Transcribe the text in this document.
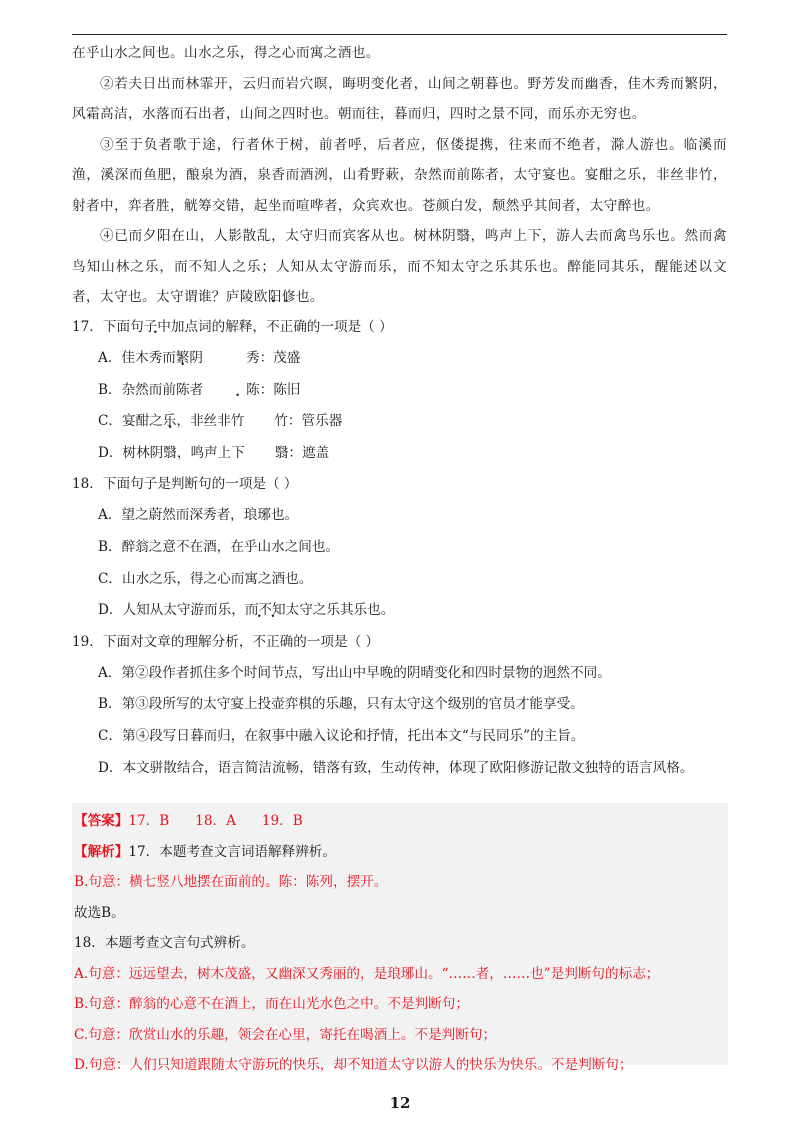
在乎山水之间也。山水之乐，得之心而寓之酒也。

②若夫日出而林霏开，云归而岩穴暝，晦明变化者，山间之朝暮也。野芳发而幽香，佳木秀而繁阴，风霜高洁，水落而石出者，山间之四时也。朝而往，暮而归，四时之景不同，而乐亦无穷也。

③至于负者歌于途，行者休于树，前者呼，后者应，伛偻提携，往来而不绝者，滁人游也。临溪而渔，溪深而鱼肥，酿泉为酒，泉香而酒洌，山肴野蔌，杂然而前陈者，太守宴也。宴酣之乐，非丝非竹，射者中，弈者胜，觥筹交错，起坐而喧哗者，众宾欢也。苍颜白发，颓然乎其间者，太守醉也。

④已而夕阳在山，人影散乱，太守归而宾客从也。树林阴翳，鸣声上下，游人去而禽鸟乐也。然而禽鸟知山林之乐，而不知人之乐；人知从太守游而乐，而不知太守之乐其乐也。醉能同其乐，醒能述以文者，太守也。太守谓谁？庐陵欧阳修也。

17．下面句子中加点词的解释，不正确的一项是（ ）
A．佳木秀而繁阴	秀：茂盛
B．杂然而前陈者	陈：陈旧
C．宴酣之乐，非丝非竹 竹：管乐器
D．树林阴翳，鸣声上下 翳：遮盖
18．下面句子是判断句的一项是（ ）
A．望之蔚然而深秀者，琅琊也。
B．醉翁之意不在酒，在乎山水之间也。
C．山水之乐，得之心而寓之酒也。
D．人知从太守游而乐，而不知太守之乐其乐也。
19．下面对文章的理解分析，不正确的一项是（ ）
A．第②段作者抓住多个时间节点，写出山中早晚的阴晴变化和四时景物的迥然不同。
B．第③段所写的太守宴上投壶弈棋的乐趣，只有太守这个级别的官员才能享受。
C．第④段写日暮而归，在叙事中融入议论和抒情，托出本文“与民同乐”的主旨。
D．本文骈散结合，语言简洁流畅，错落有致，生动传神，体现了欧阳修游记散文独特的语言风格。
【答案】17．B      18．A      19．B
【解析】17．本题考查文言词语解释辨析。
B.句意：横七竖八地摆在面前的。陈：陈列，摆开。
故选B。
18．本题考查文言句式辨析。
A.句意：远远望去，树木茂盛，又幽深又秀丽的，是琅琊山。“……者，……也”是判断句的标志；
B.句意：醉翁的心意不在酒上，而在山光水色之中。不是判断句；
C.句意：欣赏山水的乐趣，领会在心里，寄托在喝酒上。不是判断句；
D.句意：人们只知道跟随太守游玩的快乐，却不知道太守以游人的快乐为快乐。不是判断句；
12
